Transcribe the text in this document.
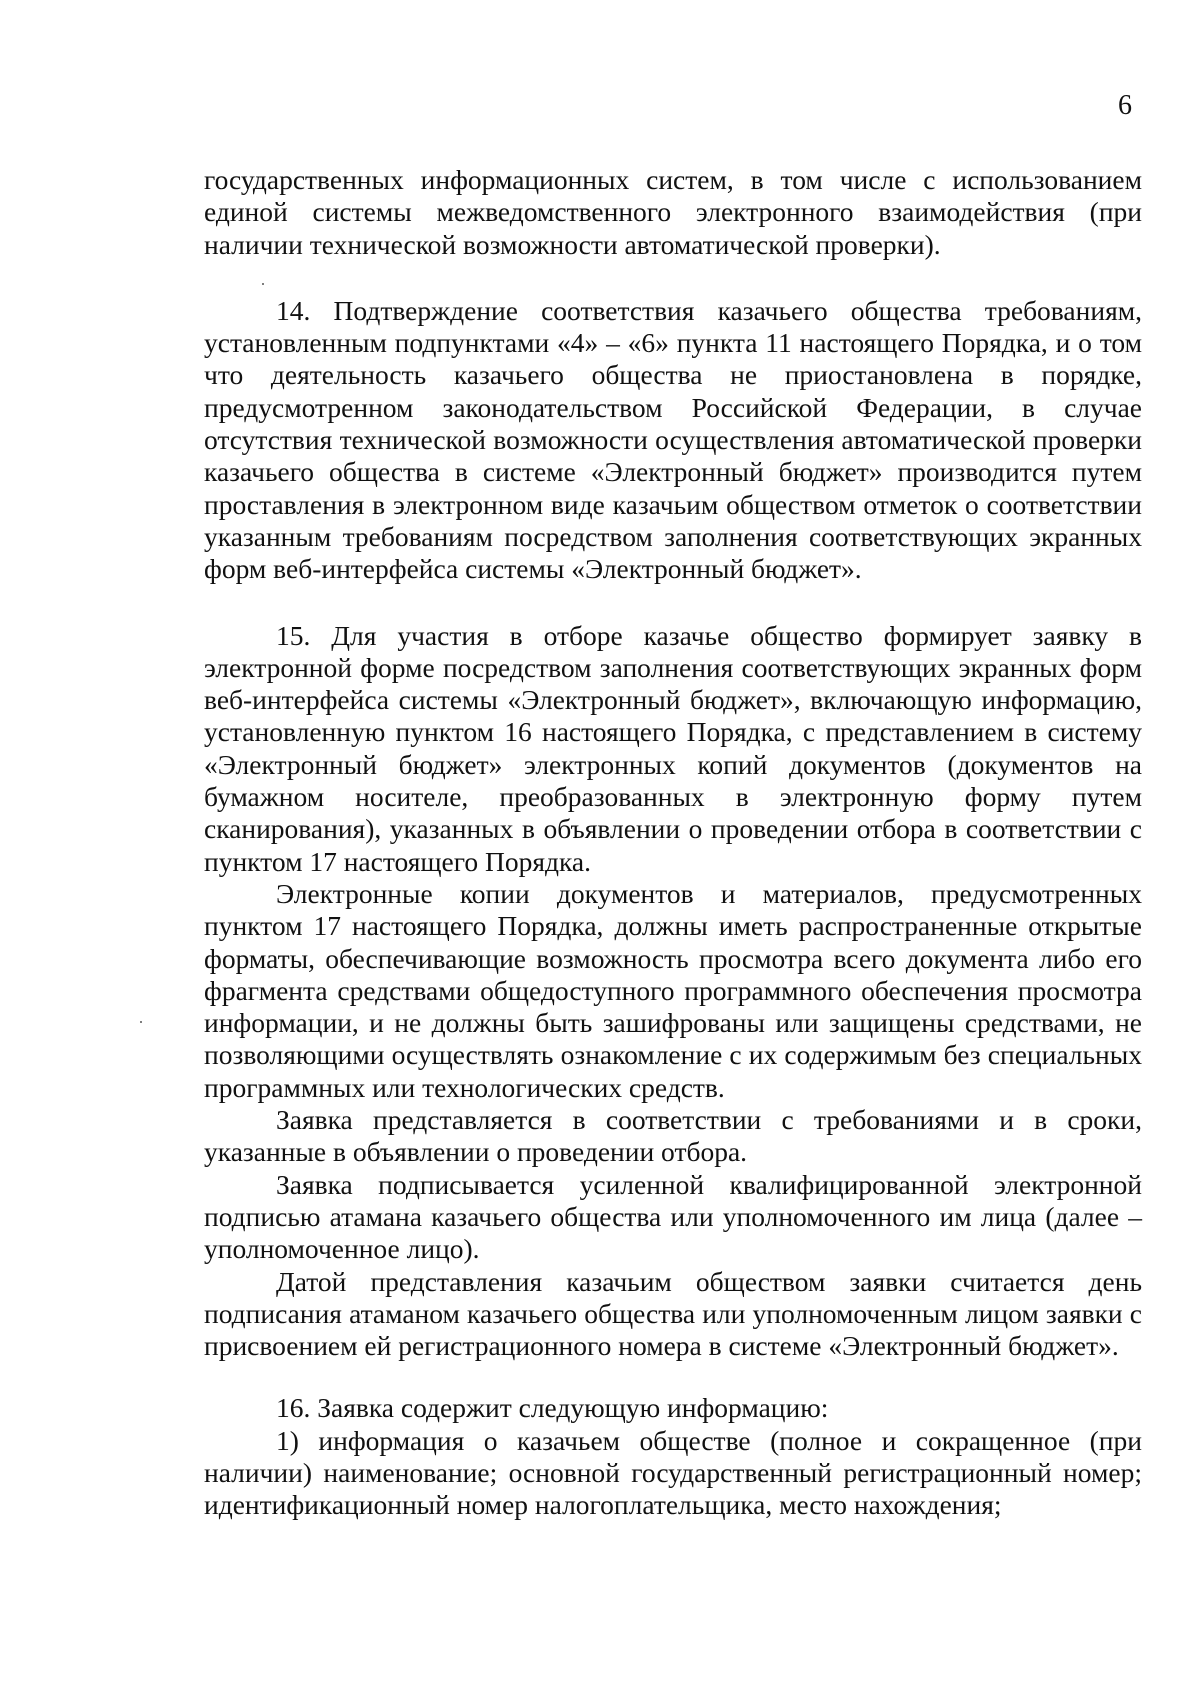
6

государственных информационных систем, в том числе с использованием единой системы межведомственного электронного взаимодействия (при наличии технической возможности автоматической проверки).

14. Подтверждение соответствия казачьего общества требованиям, установленным подпунктами «4» – «6» пункта 11 настоящего Порядка, и о том что деятельность казачьего общества не приостановлена в порядке, предусмотренном законодательством Российской Федерации, в случае отсутствия технической возможности осуществления автоматической проверки казачьего общества в системе «Электронный бюджет» производится путем проставления в электронном виде казачьим обществом отметок о соответствии указанным требованиям посредством заполнения соответствующих экранных форм веб-интерфейса системы «Электронный бюджет».

15. Для участия в отборе казачье общество формирует заявку в электронной форме посредством заполнения соответствующих экранных форм веб-интерфейса системы «Электронный бюджет», включающую информацию, установленную пунктом 16 настоящего Порядка, с представлением в систему «Электронный бюджет» электронных копий документов (документов на бумажном носителе, преобразованных в электронную форму путем сканирования), указанных в объявлении о проведении отбора в соответствии с пунктом 17 настоящего Порядка.

Электронные копии документов и материалов, предусмотренных пунктом 17 настоящего Порядка, должны иметь распространенные открытые форматы, обеспечивающие возможность просмотра всего документа либо его фрагмента средствами общедоступного программного обеспечения просмотра информации, и не должны быть зашифрованы или защищены средствами, не позволяющими осуществлять ознакомление с их содержимым без специальных программных или технологических средств.

Заявка представляется в соответствии с требованиями и в сроки, указанные в объявлении о проведении отбора.

Заявка подписывается усиленной квалифицированной электронной подписью атамана казачьего общества или уполномоченного им лица (далее – уполномоченное лицо).

Датой представления казачьим обществом заявки считается день подписания атаманом казачьего общества или уполномоченным лицом заявки с присвоением ей регистрационного номера в системе «Электронный бюджет».

16. Заявка содержит следующую информацию:

1) информация о казачьем обществе (полное и сокращенное (при наличии) наименование; основной государственный регистрационный номер; идентификационный номер налогоплательщика, место нахождения;
